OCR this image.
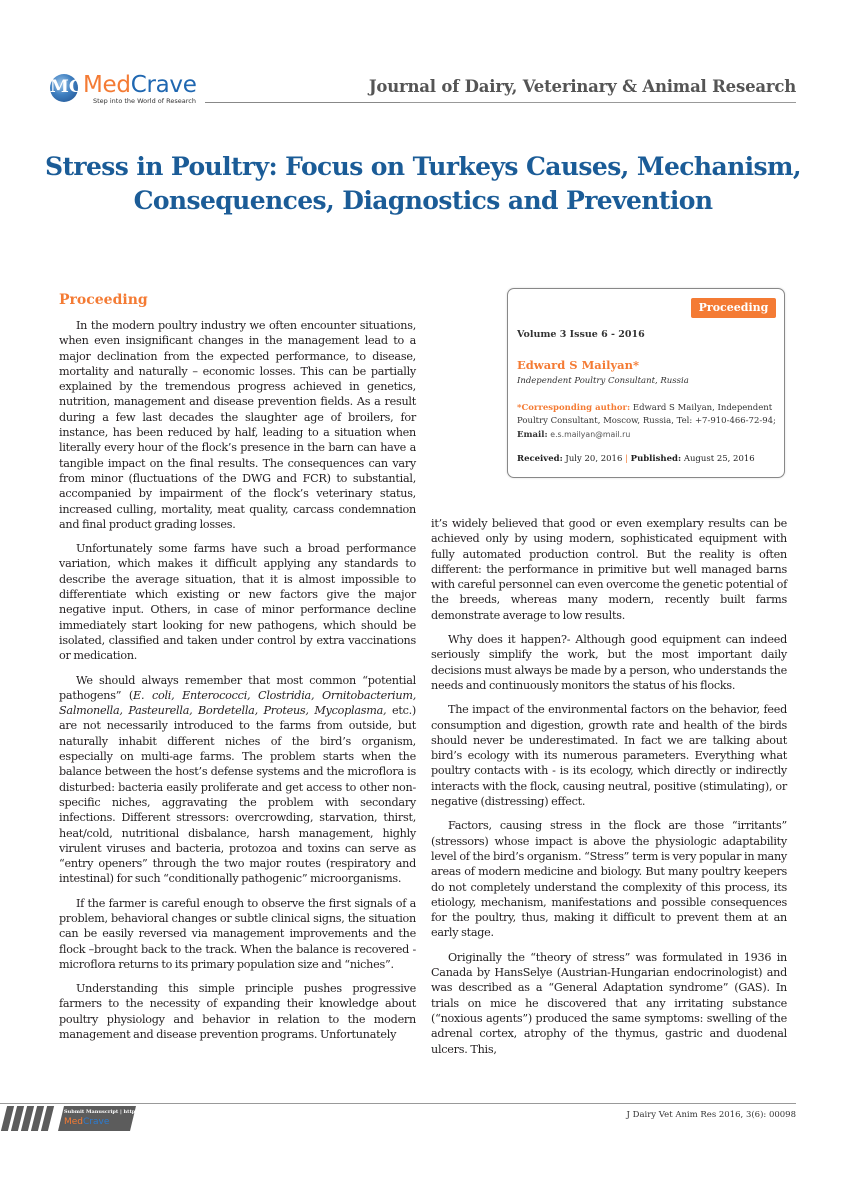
MC MedCrave
Step into the World of Research
Journal of Dairy, Veterinary & Animal Research
Stress in Poultry: Focus on Turkeys Causes, Mechanism, Consequences, Diagnostics and Prevention
Proceeding

In the modern poultry industry we often encounter situations, when even insignificant changes in the management lead to a major declination from the expected performance, to disease, mortality and naturally – economic losses. This can be partially explained by the tremendous progress achieved in genetics, nutrition, management and disease prevention fields. As a result during a few last decades the slaughter age of broilers, for instance, has been reduced by half, leading to a situation when literally every hour of the flock’s presence in the barn can have a tangible impact on the final results. The consequences can vary from minor (fluctuations of the DWG and FCR) to substantial, accompanied by impairment of the flock’s veterinary status, increased culling, mortality, meat quality, carcass condemnation and final product grading losses.

Unfortunately some farms have such a broad performance variation, which makes it difficult applying any standards to describe the average situation, that it is almost impossible to differentiate which existing or new factors give the major negative input. Others, in case of minor performance decline immediately start looking for new pathogens, which should be isolated, classified and taken under control by extra vaccinations or medication.

We should always remember that most common “potential pathogens” (E. coli, Enterococci, Clostridia, Ornitobacterium, Salmonella, Pasteurella, Bordetella, Proteus, Mycoplasma, etc.) are not necessarily introduced to the farms from outside, but naturally inhabit different niches of the bird’s organism, especially on multi-age farms. The problem starts when the balance between the host’s defense systems and the microflora is disturbed: bacteria easily proliferate and get access to other non-specific niches, aggravating the problem with secondary infections. Different stressors: overcrowding, starvation, thirst, heat/cold, nutritional disbalance, harsh management, highly virulent viruses and bacteria, protozoa and toxins can serve as “entry openers” through the two major routes (respiratory and intestinal) for such “conditionally pathogenic” microorganisms.

If the farmer is careful enough to observe the first signals of a problem, behavioral changes or subtle clinical signs, the situation can be easily reversed via management improvements and the flock –brought back to the track. When the balance is recovered - microflora returns to its primary population size and “niches”.

Understanding this simple principle pushes progressive farmers to the necessity of expanding their knowledge about poultry physiology and behavior in relation to the modern management and disease prevention programs. Unfortunately

Proceeding
Volume 3 Issue 6 - 2016
Edward S Mailyan*
Independent Poultry Consultant, Russia
*Corresponding author: Edward S Mailyan, Independent Poultry Consultant, Moscow, Russia, Tel: +7-910-466-72-94;
Email: e.s.mailyan@mail.ru
Received: July 20, 2016 | Published: August 25, 2016

it’s widely believed that good or even exemplary results can be achieved only by using modern, sophisticated equipment with fully automated production control. But the reality is often different: the performance in primitive but well managed barns with careful personnel can even overcome the genetic potential of the breeds, whereas many modern, recently built farms demonstrate average to low results.

Why does it happen?- Although good equipment can indeed seriously simplify the work, but the most important daily decisions must always be made by a person, who understands the needs and continuously monitors the status of his flocks.

The impact of the environmental factors on the behavior, feed consumption and digestion, growth rate and health of the birds should never be underestimated. In fact we are talking about bird’s ecology with its numerous parameters. Everything what poultry contacts with - is its ecology, which directly or indirectly interacts with the flock, causing neutral, positive (stimulating), or negative (distressing) effect.

Factors, causing stress in the flock are those “irritants” (stressors) whose impact is above the physiologic adaptability level of the bird’s organism. “Stress” term is very popular in many areas of modern medicine and biology. But many poultry keepers do not completely understand the complexity of this process, its etiology, mechanism, manifestations and possible consequences for the poultry, thus, making it difficult to prevent them at an early stage.

Originally the “theory of stress” was formulated in 1936 in Canada by HansSelye (Austrian-Hungarian endocrinologist) and was described as a “General Adaptation syndrome” (GAS). In trials on mice he discovered that any irritating substance (“noxious agents”) produced the same symptoms: swelling of the adrenal cortex, atrophy of the thymus, gastric and duodenal ulcers. This,

Submit Manuscript | http://medcraveonline.com
MedCrave
J Dairy Vet Anim Res 2016, 3(6): 00098
